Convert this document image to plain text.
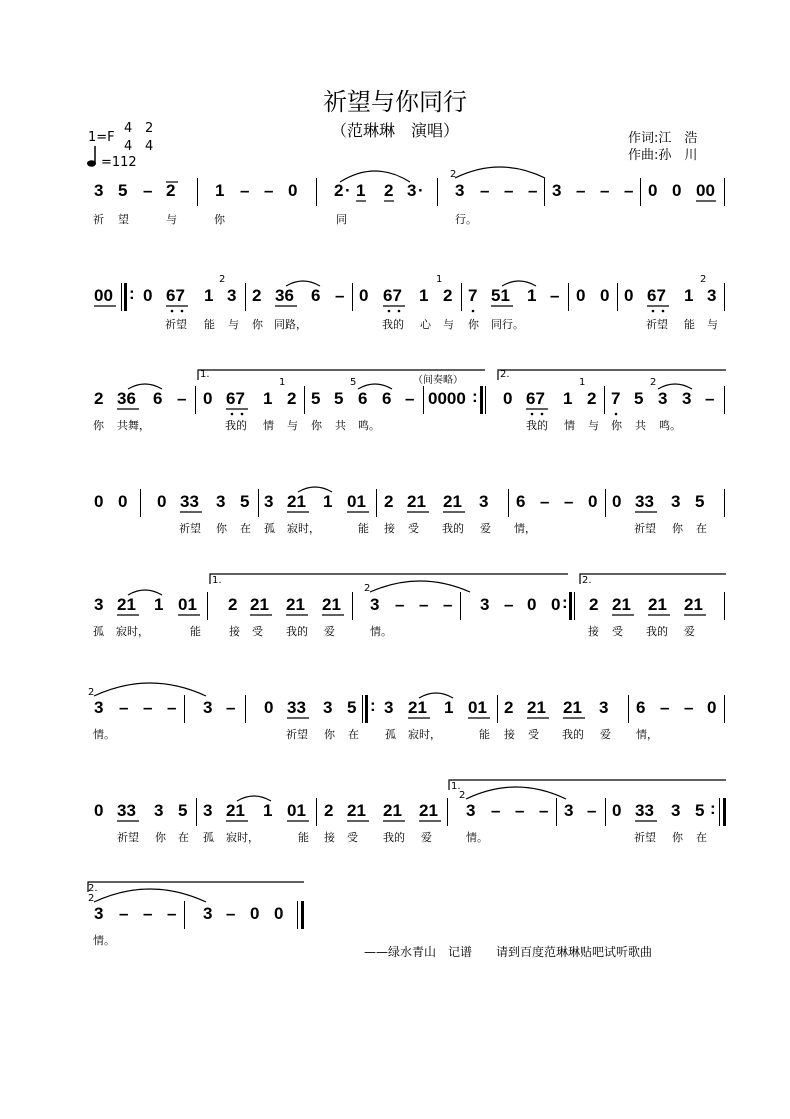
祈望与你同行
（范琳琳　演唱）	作词:江　浩
作曲:孙　川
1=F
4
4
2
4
=112
3 5 – 2 1 – – 0 2 · 1 2 3 ·
2
3 – – – 3 – – – 0 0 00
祈 望	与	你	同	行。
00 : 0 67 1
2
3 2 36 6 – 0 67 1
1
2 7 51 1 – 0 0 0 67 1
2
3
祈望 能 与 你 同路，	我的 心 与 你 同行。	祈望 能 与
2 36 6 –
1.
0 67 1
1
2 5 5
5
6 6 –
（间奏略）
0000 :
2.
0 67 1
1
2 7 5
2
3 3 –
你 共舞，	我的 情 与 你 共 鸣。	我的 情 与 你 共 鸣。
0 0 0 33 3 5 3 21 1 01 2 21 21 3 6 – – 0 0 33 3 5
祈望 你 在 孤 寂时，	能 接 受 我的 爱 情，	祈望 你 在
3 21 1 01
1.
2 21 21 21
2
3 – – – 3 – 0 0 :
2.
2 21 21 21
孤 寂时，	能	接 受 我的 爱	情。	接 受 我的 爱
2
3 – – – 3 – 0 33 3 5 : 3 21 1 01 2 21 21 3 6 – – 0
情。	祈望 你 在 孤 寂时，	能 接 受 我的 爱 情，
0 33 3 5 3 21 1 01 2 21 21 21
1.
2
3 – – – 3 – 0 33 3 5 :
祈望 你 在 孤 寂时，	能 接 受 我的 爱	情。	祈望 你 在
2.
2
3 – – – 3 – 0 0
情。
——绿水青山　记谱　　请到百度范琳琳贴吧试听歌曲
